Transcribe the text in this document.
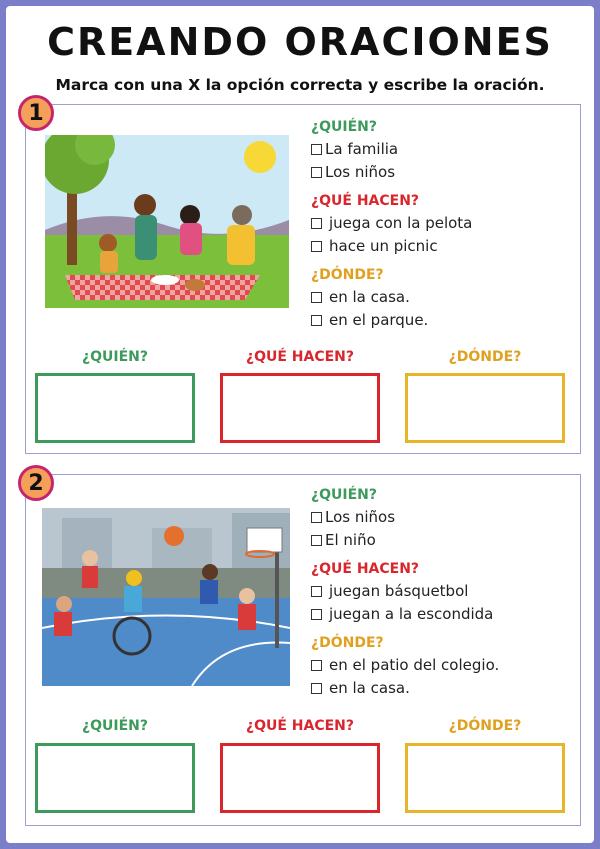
CREANDO ORACIONES
Marca con una X la opción correcta y escribe la oración.
1
¿QUIÉN?
La familia
Los niños
¿QUÉ HACEN?
juega con la pelota
hace un picnic
¿DÓNDE?
en la casa.
en el parque.
¿QUIÉN?	¿QUÉ HACEN?	¿DÓNDE?
2	¿QUIÉN?
Los niños
El niño
¿QUÉ HACEN?
juegan básquetbol
juegan a la escondida
¿DÓNDE?
en el patio del colegio.
en la casa.
¿QUIÉN?	¿QUÉ HACEN?	¿DÓNDE?
